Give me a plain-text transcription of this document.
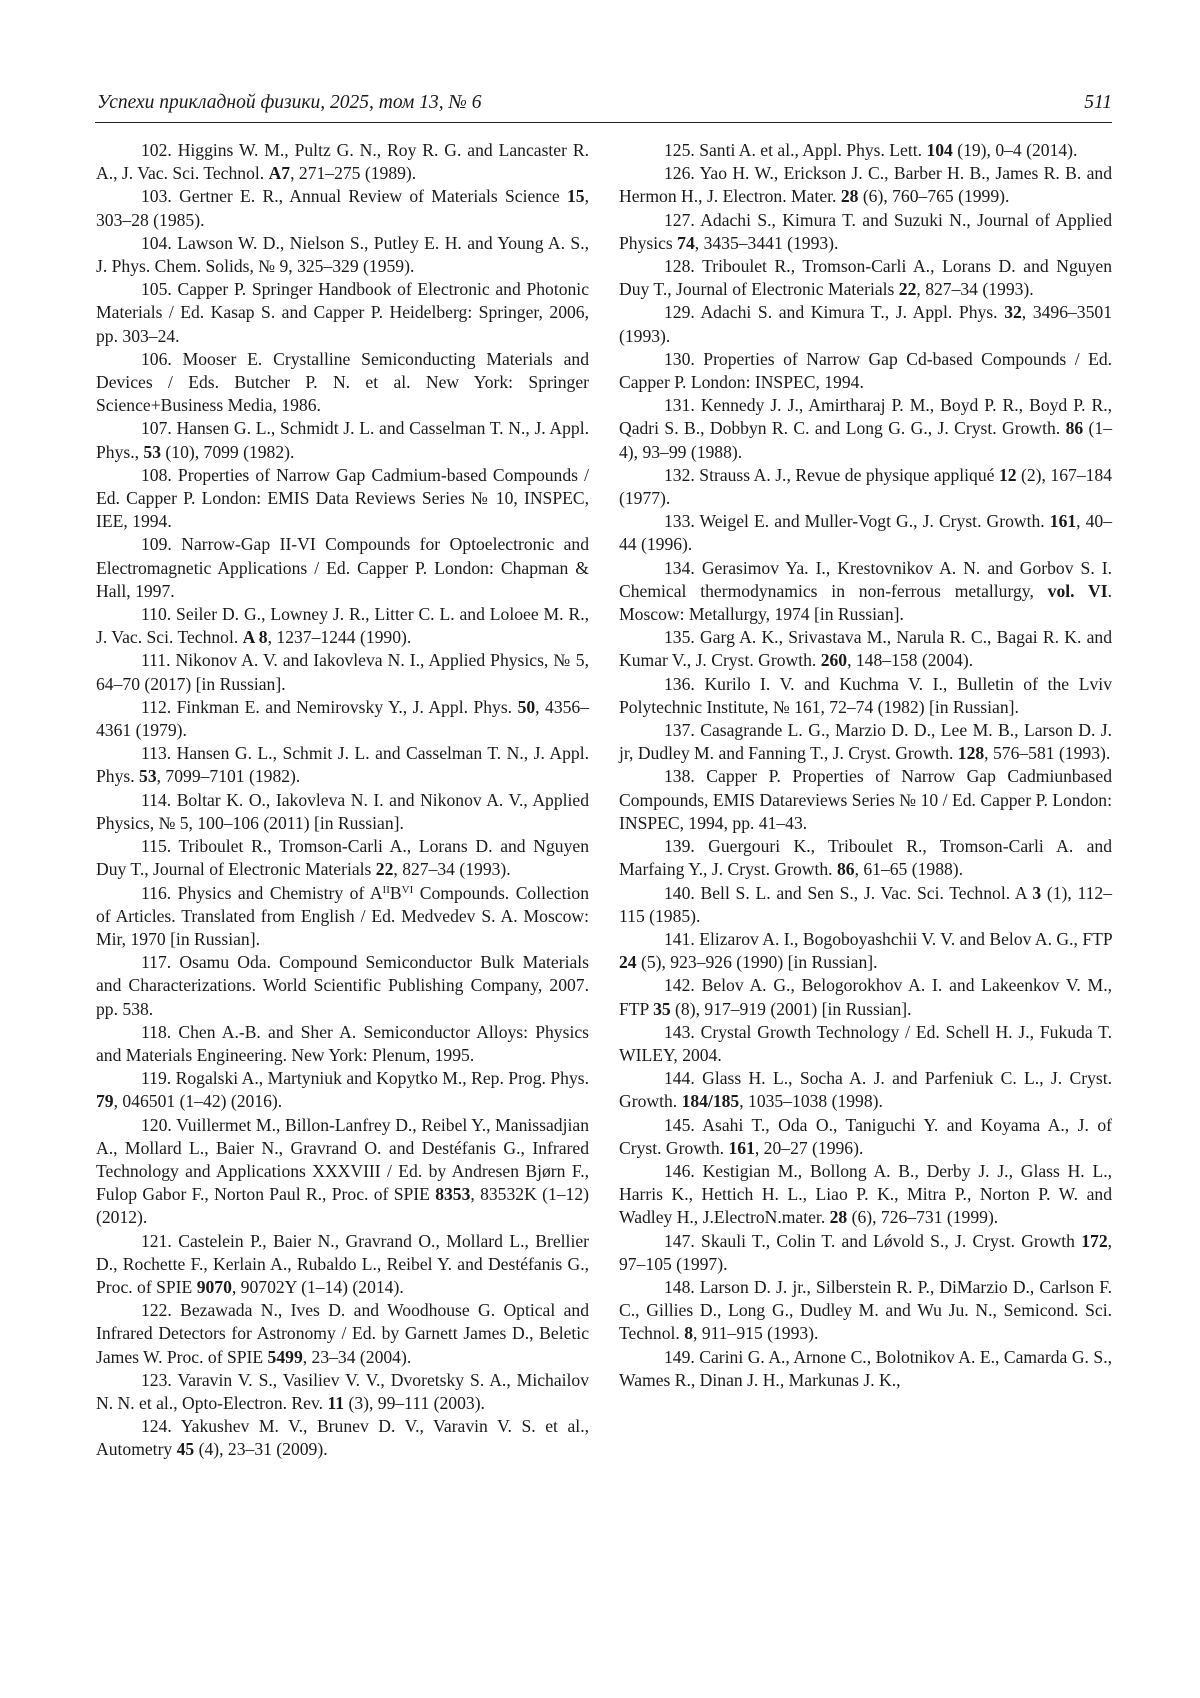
Успехи прикладной физики, 2025, том 13, № 6	511

102. Higgins W. M., Pultz G. N., Roy R. G. and Lancaster R. A., J. Vac. Sci. Technol. A7, 271–275 (1989).

103. Gertner E. R., Annual Review of Materials Science 15, 303–28 (1985).

104. Lawson W. D., Nielson S., Putley E. H. and Young A. S., J. Phys. Chem. Solids, № 9, 325–329 (1959).

105. Capper P. Springer Handbook of Electronic and Photonic Materials / Ed. Kasap S. and Capper P. Heidelberg: Springer, 2006, pp. 303–24.

106. Mooser E. Crystalline Semiconducting Materials and Devices / Eds. Butcher P. N. et al. New York: Springer Science+Business Media, 1986.

107. Hansen G. L., Schmidt J. L. and Casselman T. N., J. Appl. Phys., 53 (10), 7099 (1982).

108. Properties of Narrow Gap Cadmium-based Compounds / Ed. Capper P. London: EMIS Data Reviews Series № 10, INSPEC, IEE, 1994.

109. Narrow-Gap II-VI Compounds for Optoelectronic and Electromagnetic Applications / Ed. Capper P. London: Chapman & Hall, 1997.

110. Seiler D. G., Lowney J. R., Litter C. L. and Loloee M. R., J. Vac. Sci. Technol. A 8, 1237–1244 (1990).

111. Nikonov A. V. and Iakovleva N. I., Applied Physics, № 5, 64–70 (2017) [in Russian].

112. Finkman E. and Nemirovsky Y., J. Appl. Phys. 50, 4356–4361 (1979).

113. Hansen G. L., Schmit J. L. and Casselman T. N., J. Appl. Phys. 53, 7099–7101 (1982).

114. Boltar K. O., Iakovleva N. I. and Nikonov A. V., Applied Physics, № 5, 100–106 (2011) [in Russian].

115. Triboulet R., Tromson-Carli A., Lorans D. and Nguyen Duy T., Journal of Electronic Materials 22, 827–34 (1993).

116. Physics and Chemistry of $A^{II}B^{VI}$ Compounds. Collection of Articles. Translated from English / Ed. Medvedev S. A. Moscow: Mir, 1970 [in Russian].

117. Osamu Oda. Compound Semiconductor Bulk Materials and Characterizations. World Scientific Publishing Company, 2007. pp. 538.

118. Chen A.-B. and Sher A. Semiconductor Alloys: Physics and Materials Engineering. New York: Plenum, 1995.

119. Rogalski A., Martyniuk and Kopytko M., Rep. Prog. Phys. 79, 046501 (1–42) (2016).

120. Vuillermet M., Billon-Lanfrey D., Reibel Y., Manissadjian A., Mollard L., Baier N., Gravrand O. and Destéfanis G., Infrared Technology and Applications XXXVIII / Ed. by Andresen Bjørn F., Fulop Gabor F., Norton Paul R., Proc. of SPIE 8353, 83532K (1–12) (2012).

121. Castelein P., Baier N., Gravrand O., Mollard L., Brellier D., Rochette F., Kerlain A., Rubaldo L., Reibel Y. and Destéfanis G., Proc. of SPIE 9070, 90702Y (1–14) (2014).

122. Bezawada N., Ives D. and Woodhouse G. Optical and Infrared Detectors for Astronomy / Ed. by Garnett James D., Beletic James W. Proc. of SPIE 5499, 23–34 (2004).

123. Varavin V. S., Vasiliev V. V., Dvoretsky S. A., Michailov N. N. et al., Opto-Electron. Rev. 11 (3), 99–111 (2003).

124. Yakushev M. V., Brunev D. V., Varavin V. S. et al., Autometry 45 (4), 23–31 (2009).

125. Santi A. et al., Appl. Phys. Lett. 104 (19), 0–4 (2014).

126. Yao H. W., Erickson J. C., Barber H. B., James R. B. and Hermon H., J. Electron. Mater. 28 (6), 760–765 (1999).

127. Adachi S., Kimura T. and Suzuki N., Journal of Applied Physics 74, 3435–3441 (1993).

128. Triboulet R., Tromson-Carli A., Lorans D. and Nguyen Duy T., Journal of Electronic Materials 22, 827–34 (1993).

129. Adachi S. and Kimura T., J. Appl. Phys. 32, 3496–3501 (1993).

130. Properties of Narrow Gap Cd-based Compounds / Ed. Capper P. London: INSPEC, 1994.

131. Kennedy J. J., Amirtharaj P. M., Boyd P. R., Boyd P. R., Qadri S. B., Dobbyn R. C. and Long G. G., J. Cryst. Growth. 86 (1–4), 93–99 (1988).

132. Strauss A. J., Revue de physique appliqué 12 (2), 167–184 (1977).

133. Weigel E. and Muller-Vogt G., J. Cryst. Growth. 161, 40–44 (1996).

134. Gerasimov Ya. I., Krestovnikov A. N. and Gorbov S. I. Chemical thermodynamics in non-ferrous metallurgy, vol. VI. Moscow: Metallurgy, 1974 [in Russian].

135. Garg A. K., Srivastava M., Narula R. C., Bagai R. K. and Kumar V., J. Cryst. Growth. 260, 148–158 (2004).

136. Kurilo I. V. and Kuchma V. I., Bulletin of the Lviv Polytechnic Institute, № 161, 72–74 (1982) [in Russian].

137. Casagrande L. G., Marzio D. D., Lee M. B., Larson D. J. jr, Dudley M. and Fanning T., J. Cryst. Growth. 128, 576–581 (1993).

138. Capper P. Properties of Narrow Gap Cadmiunbased Compounds, EMIS Datareviews Series № 10 / Ed. Capper P. London: INSPEC, 1994, pp. 41–43.

139. Guergouri K., Triboulet R., Tromson-Carli A. and Marfaing Y., J. Cryst. Growth. 86, 61–65 (1988).

140. Bell S. L. and Sen S., J. Vac. Sci. Technol. A 3 (1), 112–115 (1985).

141. Elizarov A. I., Bogoboyashchii V. V. and Belov A. G., FTP 24 (5), 923–926 (1990) [in Russian].

142. Belov A. G., Belogorokhov A. I. and Lakeenkov V. M., FTP 35 (8), 917–919 (2001) [in Russian].

143. Crystal Growth Technology / Ed. Schell H. J., Fukuda T. WILEY, 2004.

144. Glass H. L., Socha A. J. and Parfeniuk C. L., J. Cryst. Growth. 184/185, 1035–1038 (1998).

145. Asahi T., Oda O., Taniguchi Y. and Koyama A., J. of Cryst. Growth. 161, 20–27 (1996).

146. Kestigian M., Bollong A. B., Derby J. J., Glass H. L., Harris K., Hettich H. L., Liao P. K., Mitra P., Norton P. W. and Wadley H., J.ElectroN.mater. 28 (6), 726–731 (1999).

147. Skauli T., Colin T. and Lǿvold S., J. Cryst. Growth 172, 97–105 (1997).

148. Larson D. J. jr., Silberstein R. P., DiMarzio D., Carlson F. C., Gillies D., Long G., Dudley M. and Wu Ju. N., Semicond. Sci. Technol. 8, 911–915 (1993).

149. Carini G. A., Arnone C., Bolotnikov A. E., Camarda G. S., Wames R., Dinan J. H., Markunas J. K.,
